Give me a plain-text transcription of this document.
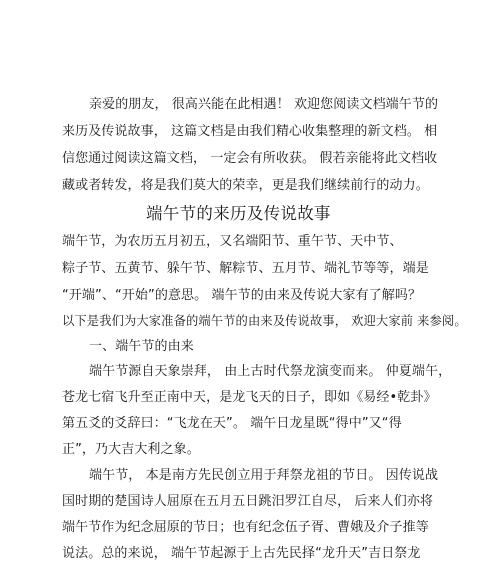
亲爱的朋友， 很高兴能在此相遇！ 欢迎您阅读文档端午节的
来历及传说故事， 这篇文档是由我们精心收集整理的新文档。 相
信您通过阅读这篇文档， 一定会有所收获。 假若亲能将此文档收
藏或者转发，将是我们莫大的荣幸，更是我们继续前行的动力。
端午节的来历及传说故事
端午节，为农历五月初五，又名端阳节、重午节、天中节、
粽子节、五黄节、躲午节、解粽节、五月节、端礼节等等，端是
“开端”、“开始”的意思。 端午节的由来及传说大家有了解吗？
以下是我们为大家准备的端午节的由来及传说故事， 欢迎大家前 来参阅。
一、端午节的由来
端午节源自天象崇拜， 由上古时代祭龙演变而来。 仲夏端午，
苍龙七宿飞升至正南中天，是龙飞天的日子，即如《易经•乾卦》
第五爻的爻辞曰：“飞龙在天”。 端午日龙星既“得中”又“得
正”，乃大吉大利之象。
端午节， 本是南方先民创立用于拜祭龙祖的节日。 因传说战
国时期的楚国诗人屈原在五月五日跳汨罗江自尽， 后来人们亦将
端午节作为纪念屈原的节日；也有纪念伍子胥、曹娥及介子推等
说法。总的来说， 端午节起源于上古先民择“龙升天”吉日祭龙
